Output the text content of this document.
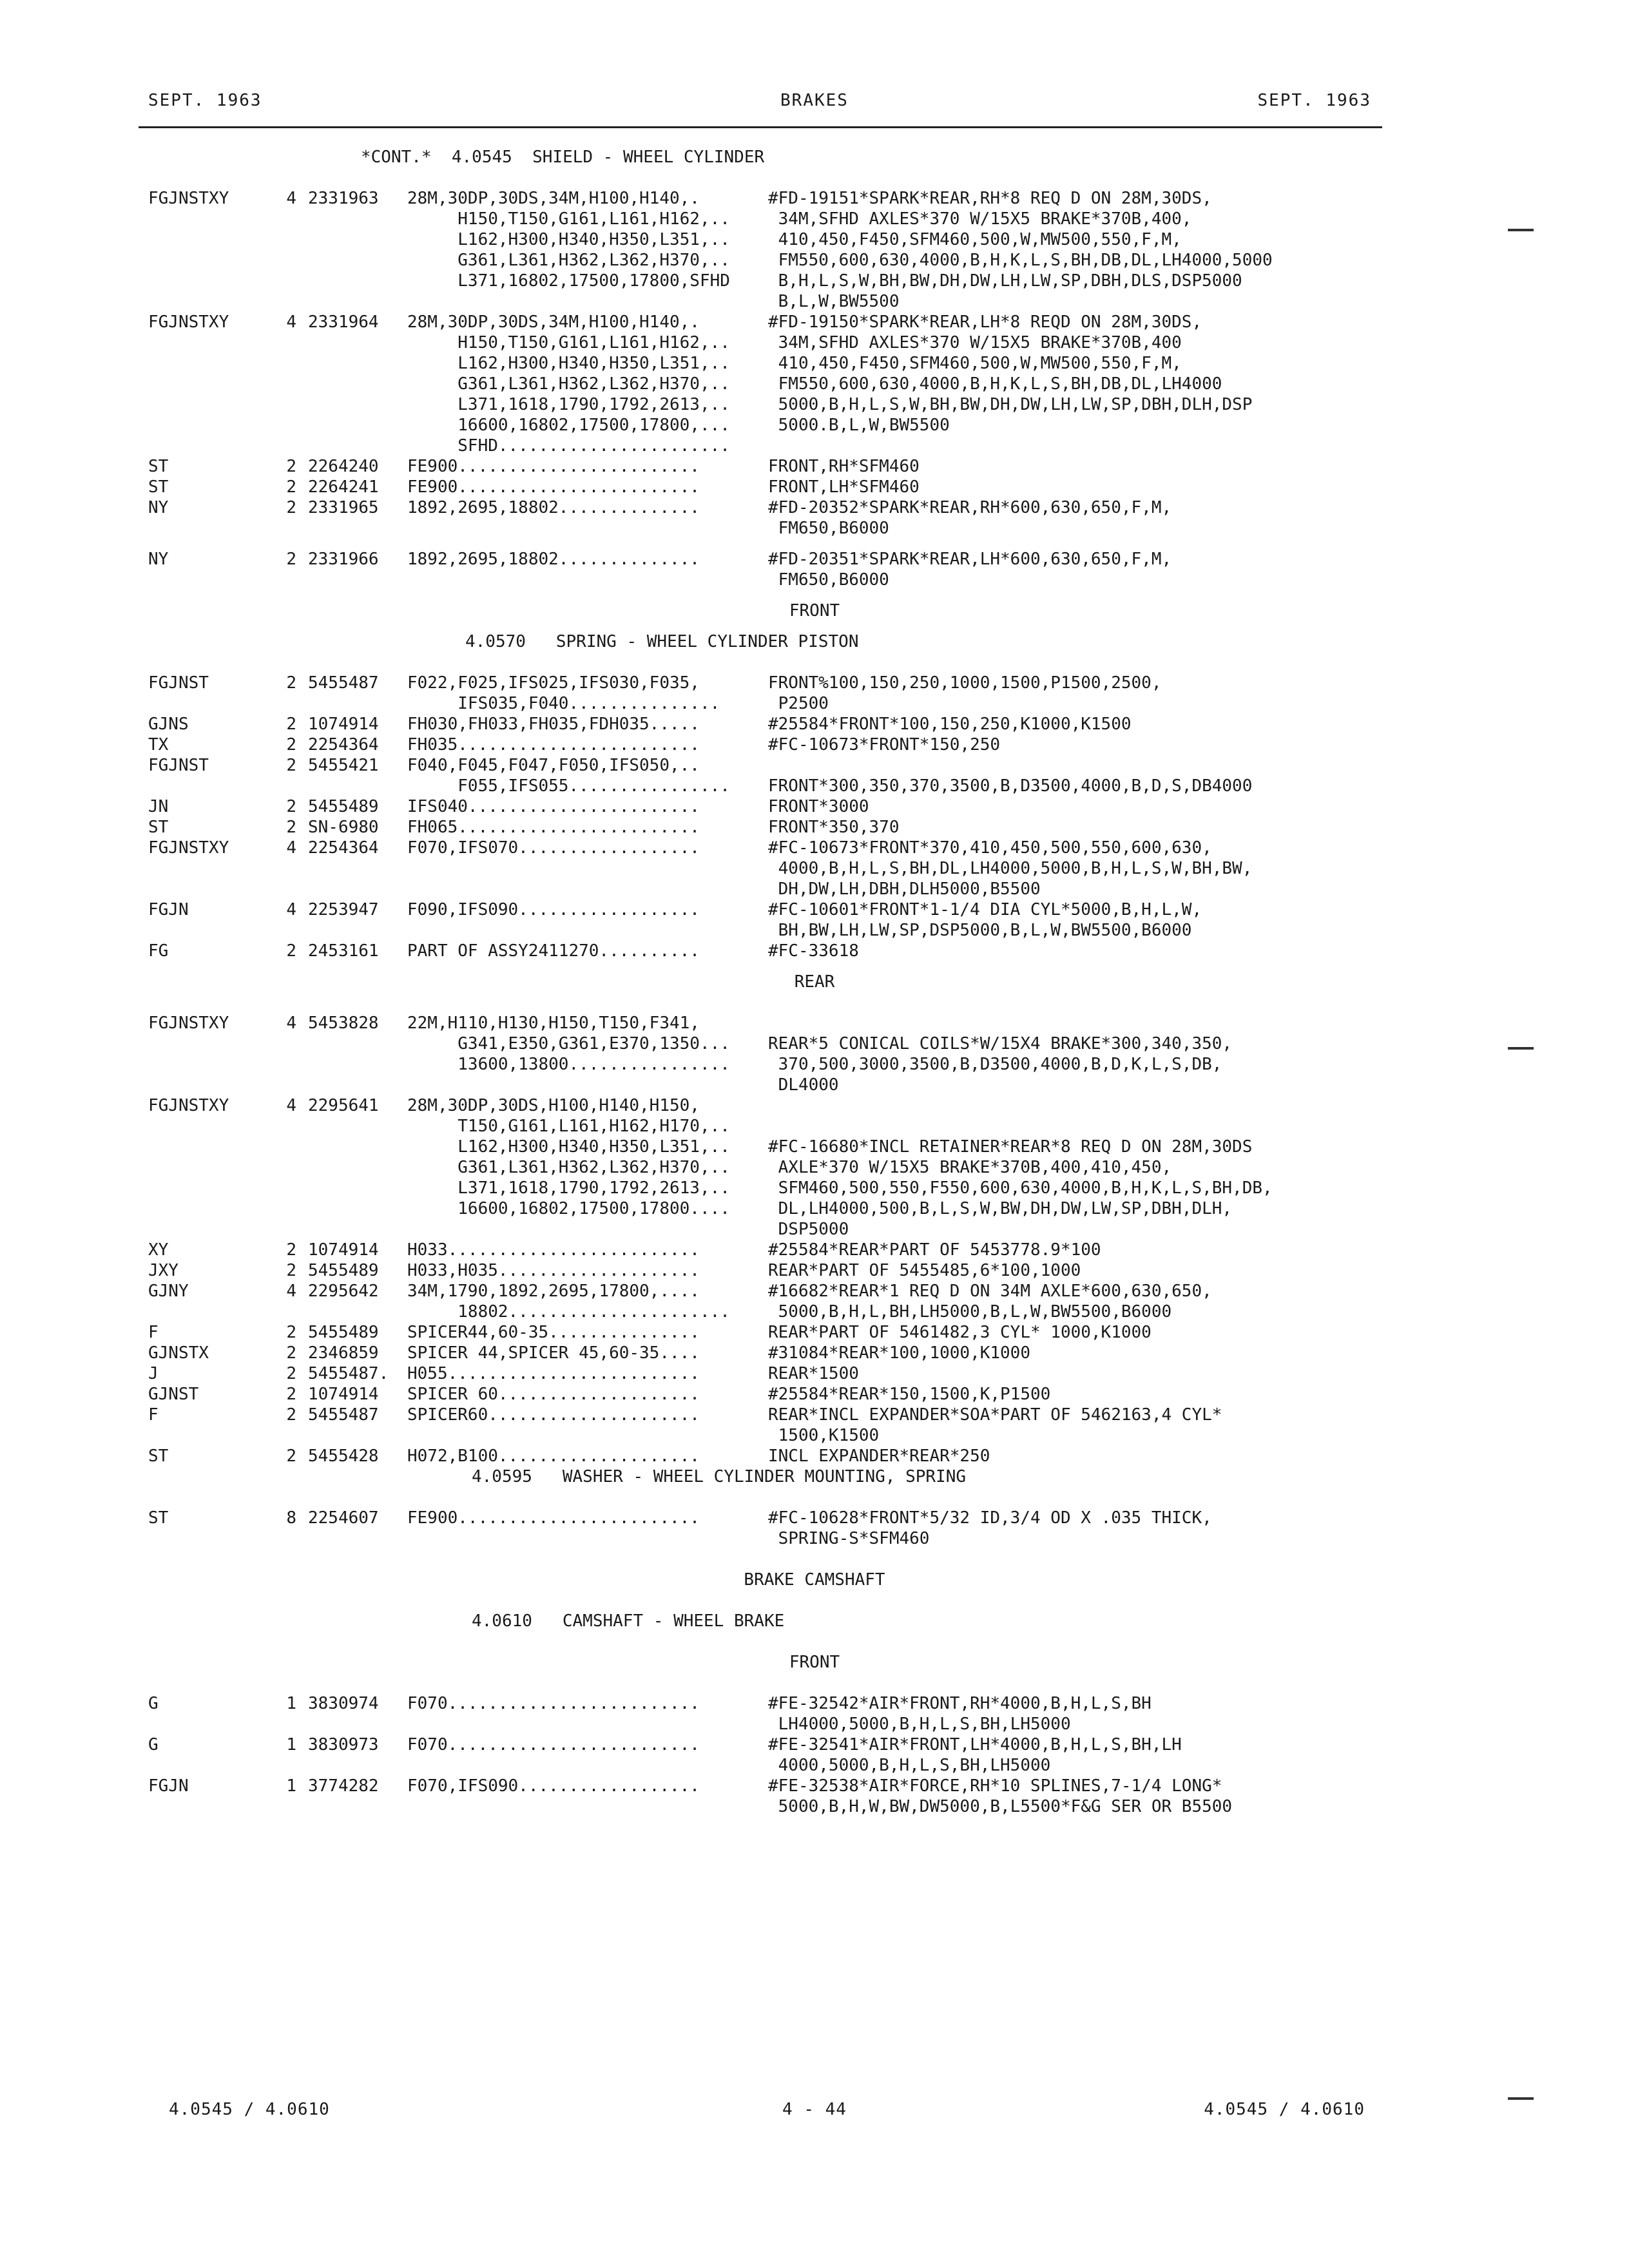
SEPT. 1963	BRAKES	SEPT. 1963
*CONT.*  4.0545  SHIELD - WHEEL CYLINDER
FGJNSTXY	4 2331963 28M,30DP,30DS,34M,H100,H140,.	#FD-19151*SPARK*REAR,RH*8 REQ D ON 28M,30DS,
H150,T150,G161,L161,H162,.. 34M,SFHD AXLES*370 W/15X5 BRAKE*370B,400,
L162,H300,H340,H350,L351,.. 410,450,F450,SFM460,500,W,MW500,550,F,M,
G361,L361,H362,L362,H370,.. FM550,600,630,4000,B,H,K,L,S,BH,DB,DL,LH4000,5000
L371,16802,17500,17800,SFHD B,H,L,S,W,BH,BW,DH,DW,LH,LW,SP,DBH,DLS,DSP5000
B,L,W,BW5500
FGJNSTXY	4 2331964 28M,30DP,30DS,34M,H100,H140,.	#FD-19150*SPARK*REAR,LH*8 REQD ON 28M,30DS,
H150,T150,G161,L161,H162,.. 34M,SFHD AXLES*370 W/15X5 BRAKE*370B,400
L162,H300,H340,H350,L351,.. 410,450,F450,SFM460,500,W,MW500,550,F,M,
G361,L361,H362,L362,H370,.. FM550,600,630,4000,B,H,K,L,S,BH,DB,DL,LH4000
L371,1618,1790,1792,2613,.. 5000,B,H,L,S,W,BH,BW,DH,DW,LH,LW,SP,DBH,DLH,DSP
16600,16802,17500,17800,... 5000.B,L,W,BW5500
SFHD.......................
ST	2 2264240 FE900........................	FRONT,RH*SFM460
ST	2 2264241 FE900........................	FRONT,LH*SFM460
NY	2 2331965 1892,2695,18802..............	#FD-20352*SPARK*REAR,RH*600,630,650,F,M,
FM650,B6000
NY	2 2331966 1892,2695,18802..............	#FD-20351*SPARK*REAR,LH*600,630,650,F,M,
FM650,B6000
FRONT
4.0570   SPRING - WHEEL CYLINDER PISTON
FGJNST	2 5455487 F022,F025,IFS025,IFS030,F035,	FRONT%100,150,250,1000,1500,P1500,2500,
IFS035,F040...............	P2500
GJNS	2 1074914 FH030,FH033,FH035,FDH035.....	#25584*FRONT*100,150,250,K1000,K1500
TX	2 2254364 FH035........................	#FC-10673*FRONT*150,250
FGJNST	2 5455421 F040,F045,F047,F050,IFS050,..
F055,IFS055................ FRONT*300,350,370,3500,B,D3500,4000,B,D,S,DB4000
JN	2 5455489 IFS040.......................	FRONT*3000
ST	2 SN-6980 FH065........................	FRONT*350,370
FGJNSTXY	4 2254364 F070,IFS070..................	#FC-10673*FRONT*370,410,450,500,550,600,630,
4000,B,H,L,S,BH,DL,LH4000,5000,B,H,L,S,W,BH,BW,
DH,DW,LH,DBH,DLH5000,B5500
FGJN	4 2253947 F090,IFS090..................	#FC-10601*FRONT*1-1/4 DIA CYL*5000,B,H,L,W,
BH,BW,LH,LW,SP,DSP5000,B,L,W,BW5500,B6000
FG	2 2453161 PART OF ASSY2411270..........	#FC-33618
REAR
FGJNSTXY	4 5453828 22M,H110,H130,H150,T150,F341,
G341,E350,G361,E370,1350... REAR*5 CONICAL COILS*W/15X4 BRAKE*300,340,350,
13600,13800................ 370,500,3000,3500,B,D3500,4000,B,D,K,L,S,DB,
DL4000
FGJNSTXY	4 2295641 28M,30DP,30DS,H100,H140,H150,
T150,G161,L161,H162,H170,..
L162,H300,H340,H350,L351,.. #FC-16680*INCL RETAINER*REAR*8 REQ D ON 28M,30DS
G361,L361,H362,L362,H370,.. AXLE*370 W/15X5 BRAKE*370B,400,410,450,
L371,1618,1790,1792,2613,.. SFM460,500,550,F550,600,630,4000,B,H,K,L,S,BH,DB,
16600,16802,17500,17800.... DL,LH4000,500,B,L,S,W,BW,DH,DW,LW,SP,DBH,DLH,
DSP5000
XY	2 1074914 H033.........................	#25584*REAR*PART OF 5453778.9*100
JXY	2 5455489 H033,H035....................	REAR*PART OF 5455485,6*100,1000
GJNY	4 2295642 34M,1790,1892,2695,17800,....	#16682*REAR*1 REQ D ON 34M AXLE*600,630,650,
18802...................... 5000,B,H,L,BH,LH5000,B,L,W,BW5500,B6000
F	2 5455489 SPICER44,60-35...............	REAR*PART OF 5461482,3 CYL* 1000,K1000
GJNSTX	2 2346859 SPICER 44,SPICER 45,60-35....	#31084*REAR*100,1000,K1000
J	2 5455487. H055.........................	REAR*1500
GJNST	2 1074914 SPICER 60....................	#25584*REAR*150,1500,K,P1500
F	2 5455487 SPICER60.....................	REAR*INCL EXPANDER*SOA*PART OF 5462163,4 CYL*
1500,K1500
ST	2 5455428 H072,B100....................	INCL EXPANDER*REAR*250
4.0595   WASHER - WHEEL CYLINDER MOUNTING, SPRING
ST	8 2254607 FE900........................	#FC-10628*FRONT*5/32 ID,3/4 OD X .035 THICK,
SPRING-S*SFM460
BRAKE CAMSHAFT
4.0610   CAMSHAFT - WHEEL BRAKE
FRONT
G	1 3830974 F070.........................	#FE-32542*AIR*FRONT,RH*4000,B,H,L,S,BH
LH4000,5000,B,H,L,S,BH,LH5000
G	1 3830973 F070.........................	#FE-32541*AIR*FRONT,LH*4000,B,H,L,S,BH,LH
4000,5000,B,H,L,S,BH,LH5000
FGJN	1 3774282 F070,IFS090..................	#FE-32538*AIR*FORCE,RH*10 SPLINES,7-1/4 LONG*
5000,B,H,W,BW,DW5000,B,L5500*F&G SER OR B5500
4.0545 / 4.0610	4 - 44	4.0545 / 4.0610
